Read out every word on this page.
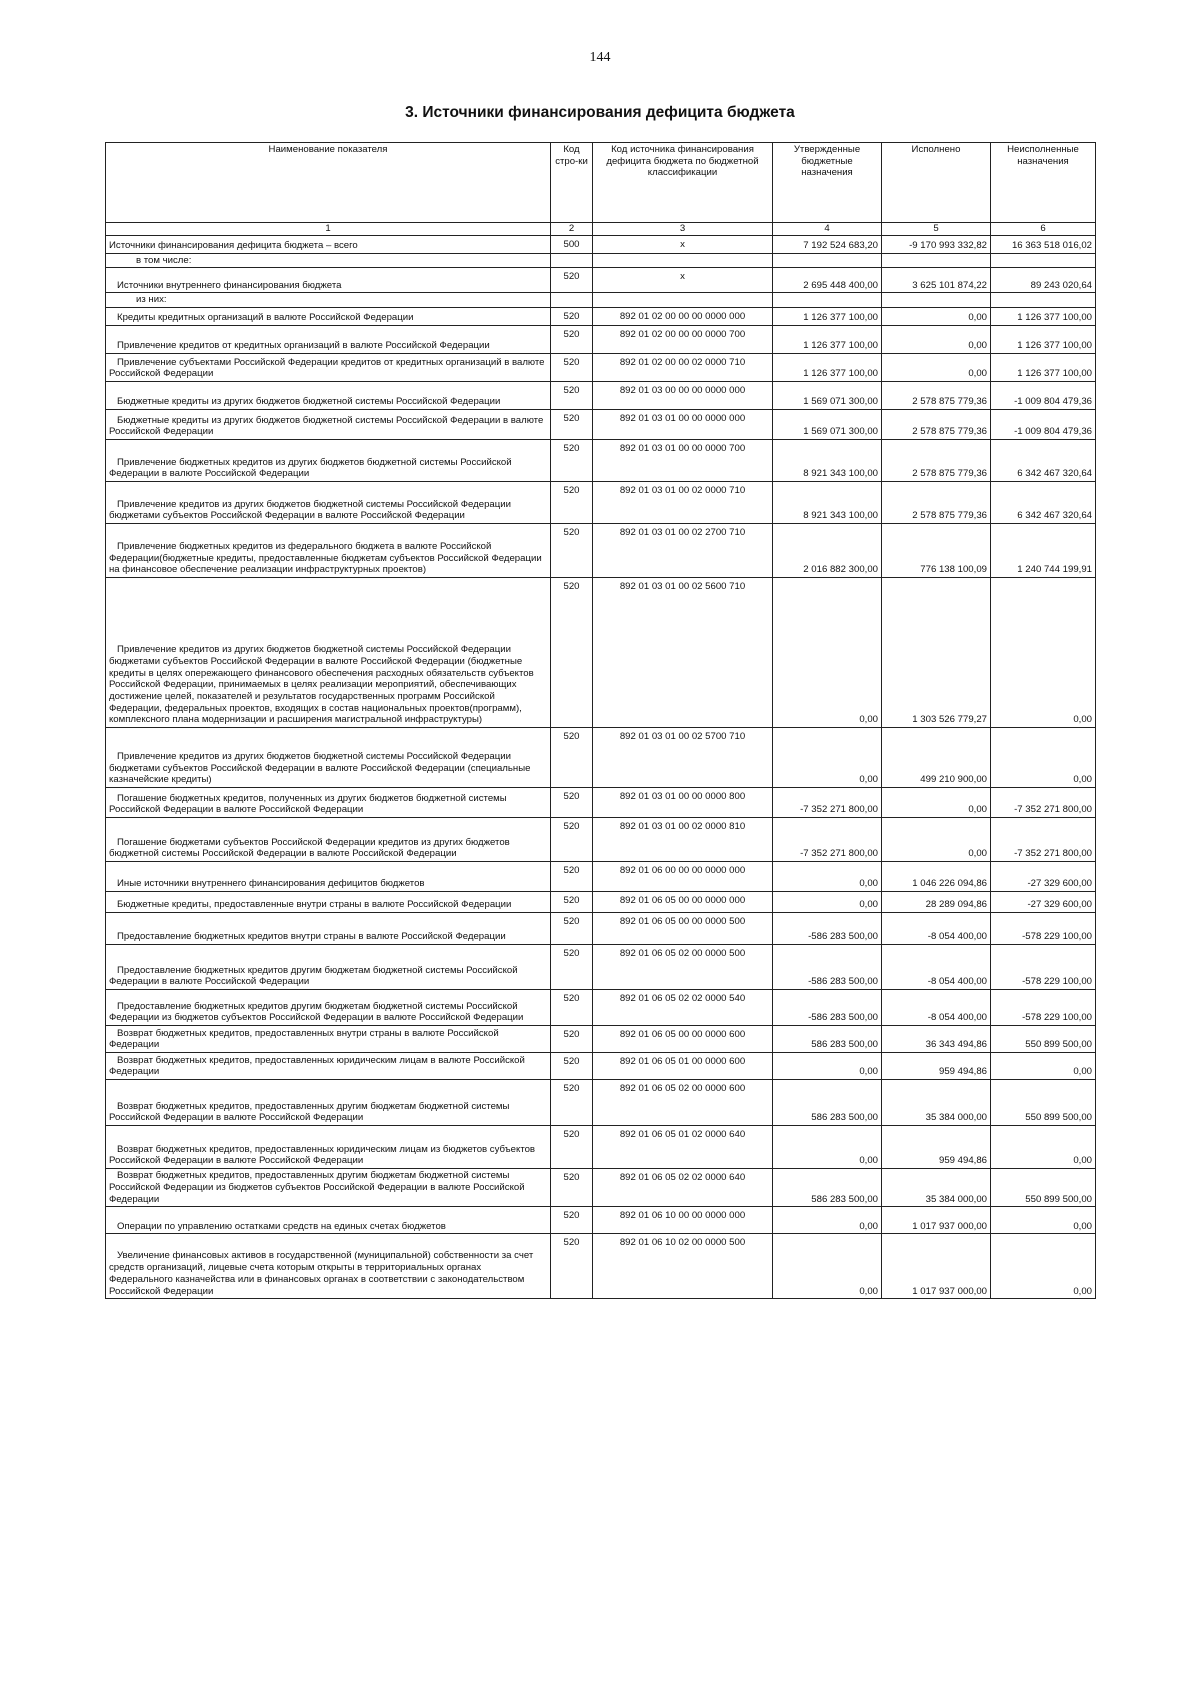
144
3. Источники финансирования дефицита бюджета
Наименование показателя	Код стро-ки	Код источника финансирования дефицита бюджета по бюджетной классификации	Утвержденные бюджетные назначения	Исполнено	Неисполненные назначения
1	2	3	4	5	6
Источники финансирования дефицита бюджета – всего	500	x	7 192 524 683,20	-9 170 993 332,82	16 363 518 016,02
в том числе:					
Источники внутреннего финансирования бюджета	520	x	2 695 448 400,00	3 625 101 874,22	89 243 020,64
из них:					
Кредиты кредитных организаций в валюте Российской Федерации	520	892 01 02 00 00 00 0000 000	1 126 377 100,00	0,00	1 126 377 100,00
Привлечение кредитов от кредитных организаций в валюте Российской Федерации	520	892 01 02 00 00 00 0000 700	1 126 377 100,00	0,00	1 126 377 100,00
Привлечение субъектами Российской Федерации кредитов от кредитных организаций в валюте Российской Федерации	520	892 01 02 00 00 02 0000 710	1 126 377 100,00	0,00	1 126 377 100,00
Бюджетные кредиты из других бюджетов бюджетной системы Российской Федерации	520	892 01 03 00 00 00 0000 000	1 569 071 300,00	2 578 875 779,36	-1 009 804 479,36
Бюджетные кредиты из других бюджетов бюджетной системы Российской Федерации в валюте Российской Федерации	520	892 01 03 01 00 00 0000 000	1 569 071 300,00	2 578 875 779,36	-1 009 804 479,36
Привлечение бюджетных кредитов из других бюджетов бюджетной системы Российской Федерации в валюте Российской Федерации	520	892 01 03 01 00 00 0000 700	8 921 343 100,00	2 578 875 779,36	6 342 467 320,64
Привлечение кредитов из других бюджетов бюджетной системы Российской Федерации бюджетами субъектов Российской Федерации в валюте Российской Федерации	520	892 01 03 01 00 02 0000 710	8 921 343 100,00	2 578 875 779,36	6 342 467 320,64
Привлечение бюджетных кредитов из федерального бюджета в валюте Российской Федерации(бюджетные кредиты, предоставленные бюджетам субъектов Российской Федерации на финансовое обеспечение реализации инфраструктурных проектов)	520	892 01 03 01 00 02 2700 710	2 016 882 300,00	776 138 100,09	1 240 744 199,91
Привлечение кредитов из других бюджетов бюджетной системы Российской Федерации бюджетами субъектов Российской Федерации в валюте Российской Федерации (бюджетные кредиты в целях опережающего финансового обеспечения расходных обязательств субъектов Российской Федерации, принимаемых в целях реализации мероприятий, обеспечивающих достижение целей, показателей и результатов государственных программ Российской Федерации, федеральных проектов, входящих в состав национальных проектов(программ), комплексного плана модернизации и расширения магистральной инфраструктуры)	520	892 01 03 01 00 02 5600 710	0,00	1 303 526 779,27	0,00
Привлечение кредитов из других бюджетов бюджетной системы Российской Федерации бюджетами субъектов Российской Федерации в валюте Российской Федерации (специальные казначейские кредиты)	520	892 01 03 01 00 02 5700 710	0,00	499 210 900,00	0,00
Погашение бюджетных кредитов, полученных из других бюджетов бюджетной системы Российской Федерации в валюте Российской Федерации	520	892 01 03 01 00 00 0000 800	-7 352 271 800,00	0,00	-7 352 271 800,00
Погашение бюджетами субъектов Российской Федерации кредитов из других бюджетов бюджетной системы Российской Федерации в валюте Российской Федерации	520	892 01 03 01 00 02 0000 810	-7 352 271 800,00	0,00	-7 352 271 800,00
Иные источники внутреннего финансирования дефицитов бюджетов	520	892 01 06 00 00 00 0000 000	0,00	1 046 226 094,86	-27 329 600,00
Бюджетные кредиты, предоставленные внутри страны в валюте Российской Федерации	520	892 01 06 05 00 00 0000 000	0,00	28 289 094,86	-27 329 600,00
Предоставление бюджетных кредитов внутри страны в валюте Российской Федерации	520	892 01 06 05 00 00 0000 500	-586 283 500,00	-8 054 400,00	-578 229 100,00
Предоставление бюджетных кредитов другим бюджетам бюджетной системы Российской Федерации в валюте Российской Федерации	520	892 01 06 05 02 00 0000 500	-586 283 500,00	-8 054 400,00	-578 229 100,00
Предоставление бюджетных кредитов другим бюджетам бюджетной системы Российской Федерации из бюджетов субъектов Российской Федерации в валюте Российской Федерации	520	892 01 06 05 02 02 0000 540	-586 283 500,00	-8 054 400,00	-578 229 100,00
Возврат бюджетных кредитов, предоставленных внутри страны в валюте Российской Федерации	520	892 01 06 05 00 00 0000 600	586 283 500,00	36 343 494,86	550 899 500,00
Возврат бюджетных кредитов, предоставленных юридическим лицам в валюте Российской Федерации	520	892 01 06 05 01 00 0000 600	0,00	959 494,86	0,00
Возврат бюджетных кредитов, предоставленных другим бюджетам бюджетной системы Российской Федерации в валюте Российской Федерации	520	892 01 06 05 02 00 0000 600	586 283 500,00	35 384 000,00	550 899 500,00
Возврат бюджетных кредитов, предоставленных юридическим лицам из бюджетов субъектов Российской Федерации в валюте Российской Федерации	520	892 01 06 05 01 02 0000 640	0,00	959 494,86	0,00
Возврат бюджетных кредитов, предоставленных другим бюджетам бюджетной системы Российской Федерации из бюджетов субъектов Российской Федерации в валюте Российской Федерации	520	892 01 06 05 02 02 0000 640	586 283 500,00	35 384 000,00	550 899 500,00
Операции по управлению остатками средств на единых счетах бюджетов	520	892 01 06 10 00 00 0000 000	0,00	1 017 937 000,00	0,00
Увеличение финансовых активов в государственной (муниципальной) собственности за счет средств организаций, лицевые счета которым открыты в территориальных органах Федерального казначейства или в финансовых органах в соответствии с законодательством Российской Федерации	520	892 01 06 10 02 00 0000 500	0,00	1 017 937 000,00	0,00
